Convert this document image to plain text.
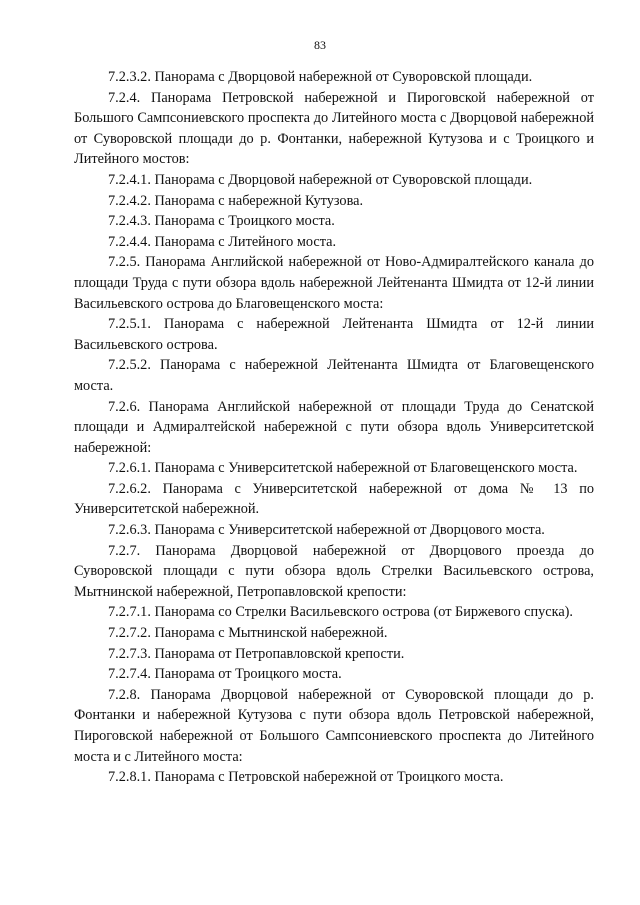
83

7.2.3.2. Панорама с Дворцовой набережной от Суворовской площади.

7.2.4. Панорама Петровской набережной и Пироговской набережной от Большого Сампсониевского проспекта до Литейного моста с Дворцовой набережной от Суворовской площади до р. Фонтанки, набережной Кутузова и с Троицкого и Литейного мостов:

7.2.4.1. Панорама с Дворцовой набережной от Суворовской площади.

7.2.4.2. Панорама с набережной Кутузова.

7.2.4.3. Панорама с Троицкого моста.

7.2.4.4. Панорама с Литейного моста.

7.2.5. Панорама Английской набережной от Ново-Адмиралтейского канала до площади Труда с пути обзора вдоль набережной Лейтенанта Шмидта от 12-й линии Васильевского острова до Благовещенского моста:

7.2.5.1. Панорама с набережной Лейтенанта Шмидта от 12-й линии Васильевского острова.

7.2.5.2. Панорама с набережной Лейтенанта Шмидта от Благовещенского моста.

7.2.6. Панорама Английской набережной от площади Труда до Сенатской площади и Адмиралтейской набережной с пути обзора вдоль Университетской набережной:

7.2.6.1. Панорама с Университетской набережной от Благовещенского моста.

7.2.6.2. Панорама с Университетской набережной от дома № 13 по Университетской набережной.

7.2.6.3. Панорама с Университетской набережной от Дворцового моста.

7.2.7. Панорама Дворцовой набережной от Дворцового проезда до Суворовской площади с пути обзора вдоль Стрелки Васильевского острова, Мытнинской набережной, Петропавловской крепости:

7.2.7.1. Панорама со Стрелки Васильевского острова (от Биржевого спуска).

7.2.7.2. Панорама с Мытнинской набережной.

7.2.7.3. Панорама от Петропавловской крепости.

7.2.7.4. Панорама от Троицкого моста.

7.2.8. Панорама Дворцовой набережной от Суворовской площади до р. Фонтанки и набережной Кутузова с пути обзора вдоль Петровской набережной, Пироговской набережной от Большого Сампсониевского проспекта до Литейного моста и с Литейного моста:

7.2.8.1. Панорама с Петровской набережной от Троицкого моста.
